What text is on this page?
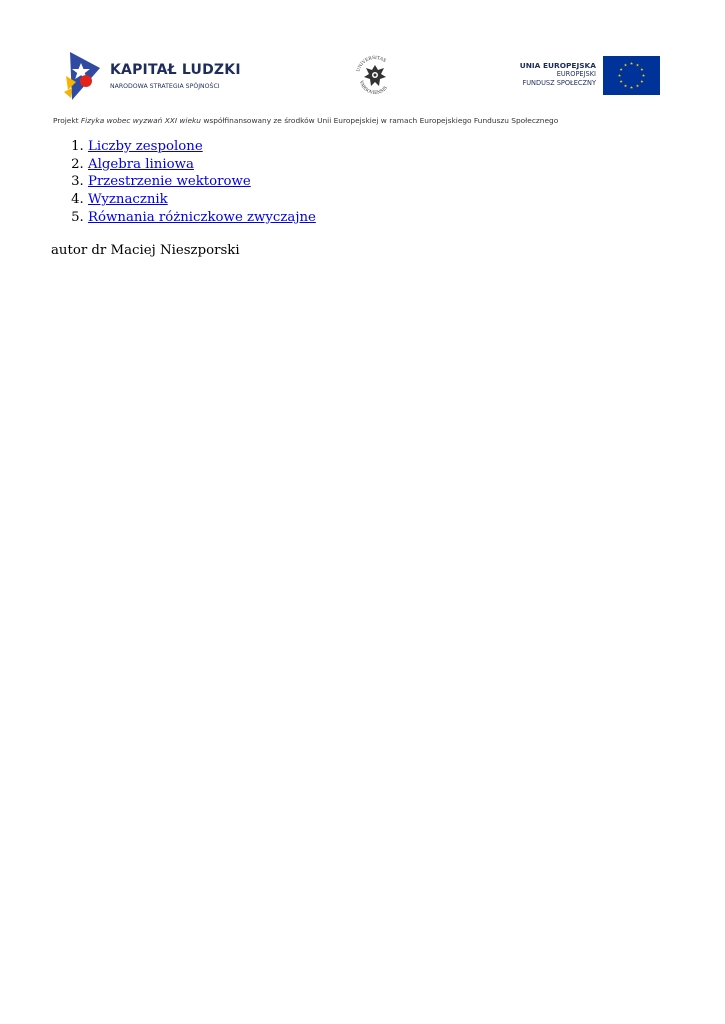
KAPITAŁ LUDZKI
NARODOWA STRATEGIA SPÓJNOŚCI
UNIVERSITAS
VARSOVIENSIS
UNIA EUROPEJSKA
EUROPEJSKI
FUNDUSZ SPOŁECZNY
Projekt Fizyka wobec wyzwań XXI wieku współfinansowany ze środków Unii Europejskiej w ramach Europejskiego Funduszu Społecznego
1. Liczby zespolone
2. Algebra liniowa
3. Przestrzenie wektorowe
4. Wyznacznik
5. Równania różniczkowe zwyczajne
autor dr Maciej Nieszporski
